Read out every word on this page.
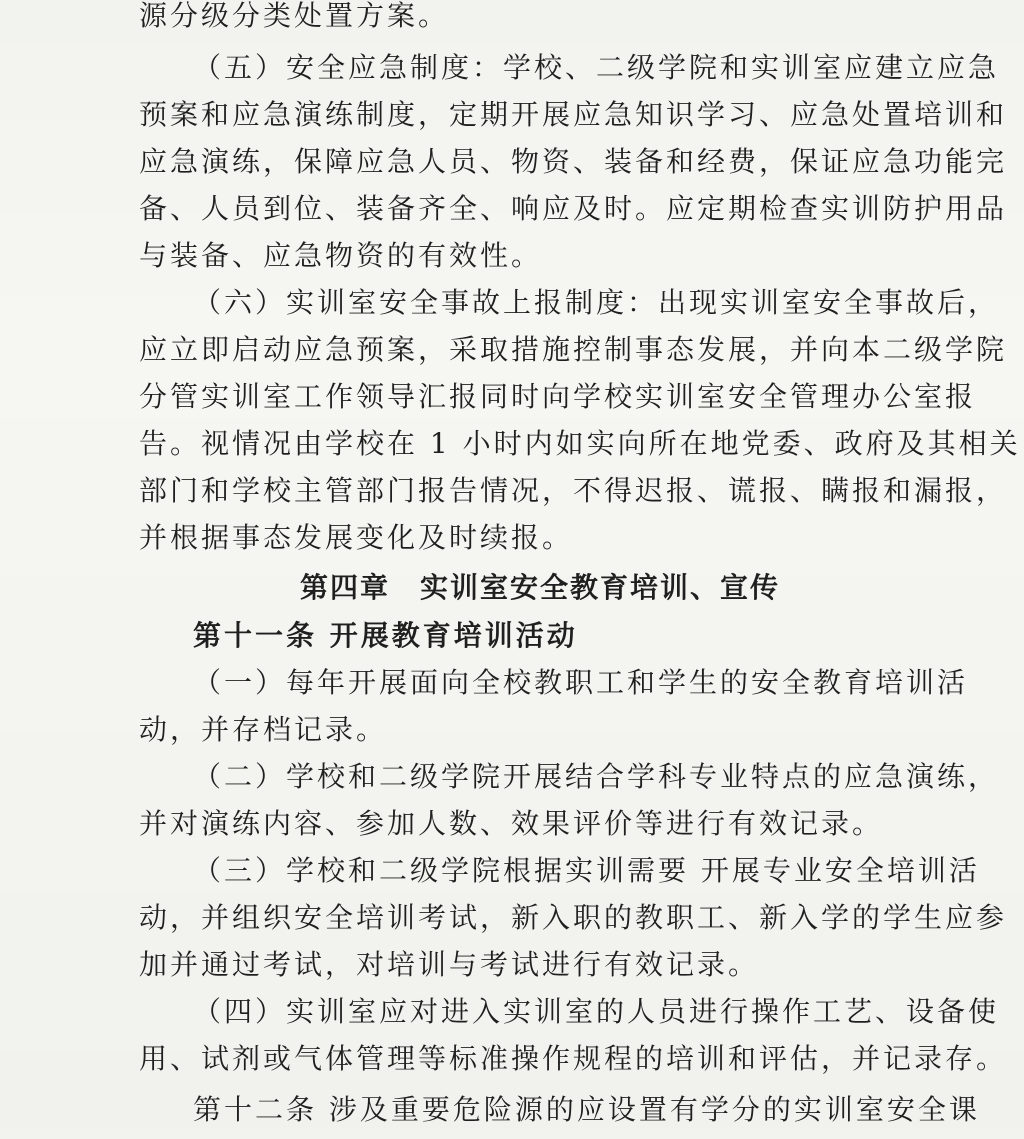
源分级分类处置方案。
（五）安全应急制度：学校、二级学院和实训室应建立应急
预案和应急演练制度，定期开展应急知识学习、应急处置培训和
应急演练，保障应急人员、物资、装备和经费，保证应急功能完
备、人员到位、装备齐全、响应及时。应定期检查实训防护用品
与装备、应急物资的有效性。
（六）实训室安全事故上报制度：出现实训室安全事故后，
应立即启动应急预案，采取措施控制事态发展，并向本二级学院
分管实训室工作领导汇报同时向学校实训室安全管理办公室报
告。视情况由学校在 1 小时内如实向所在地党委、政府及其相关
部门和学校主管部门报告情况，不得迟报、谎报、瞒报和漏报，
并根据事态发展变化及时续报。
第四章　实训室安全教育培训、宣传
第十一条 开展教育培训活动
（一）每年开展面向全校教职工和学生的安全教育培训活
动，并存档记录。
（二）学校和二级学院开展结合学科专业特点的应急演练，
并对演练内容、参加人数、效果评价等进行有效记录。
（三）学校和二级学院根据实训需要 开展专业安全培训活
动，并组织安全培训考试，新入职的教职工、新入学的学生应参
加并通过考试，对培训与考试进行有效记录。
（四）实训室应对进入实训室的人员进行操作工艺、设备使
用、试剂或气体管理等标准操作规程的培训和评估，并记录存。
第十二条 涉及重要危险源的应设置有学分的实训室安全课
